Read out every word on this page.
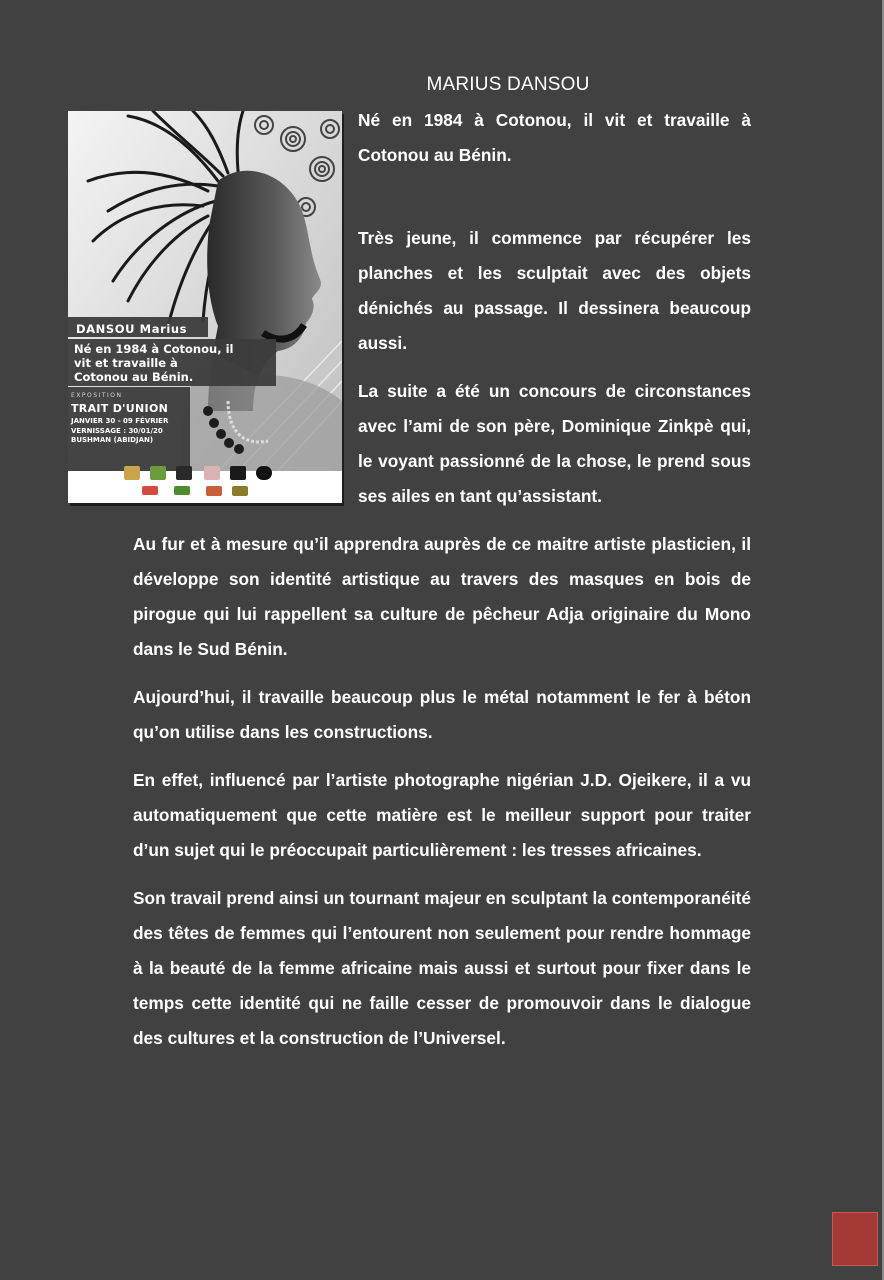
MARIUS DANSOU
DANSOU Marius
Né en 1984 à Cotonou, il
vit et travaille à
Cotonou au Bénin.
EXPOSITION
TRAIT D'UNION
JANVIER 30 - 09 FÉVRIER
VERNISSAGE : 30/01/20
BUSHMAN (ABIDJAN)

Né en 1984 à Cotonou, il vit et travaille à Cotonou au Bénin.

Très jeune, il commence par récupérer les planches et les sculptait avec des objets dénichés au passage. Il dessinera beaucoup aussi.

La suite a été un concours de circonstances avec l’ami de son père, Dominique Zinkpè qui, le voyant passionné de la chose, le prend sous ses ailes en tant qu’assistant.

Au fur et à mesure qu’il apprendra auprès de ce maitre artiste plasticien, il développe son identité artistique au travers des masques en bois de pirogue qui lui rappellent sa culture de pêcheur Adja originaire du Mono dans le Sud Bénin.

Aujourd’hui, il travaille beaucoup plus le métal notamment le fer à béton qu’on utilise dans les constructions.

En effet, influencé par l’artiste photographe nigérian J.D. Ojeikere, il a vu automatiquement que cette matière est le meilleur support pour traiter d’un sujet qui le préoccupait particulièrement : les tresses africaines.

Son travail prend ainsi un tournant majeur en sculptant la contemporanéité des têtes de femmes qui l’entourent non seulement pour rendre hommage à la beauté de la femme africaine mais aussi et surtout pour fixer dans le temps cette identité qui ne faille cesser de promouvoir dans le dialogue des cultures et la construction de l’Universel.
